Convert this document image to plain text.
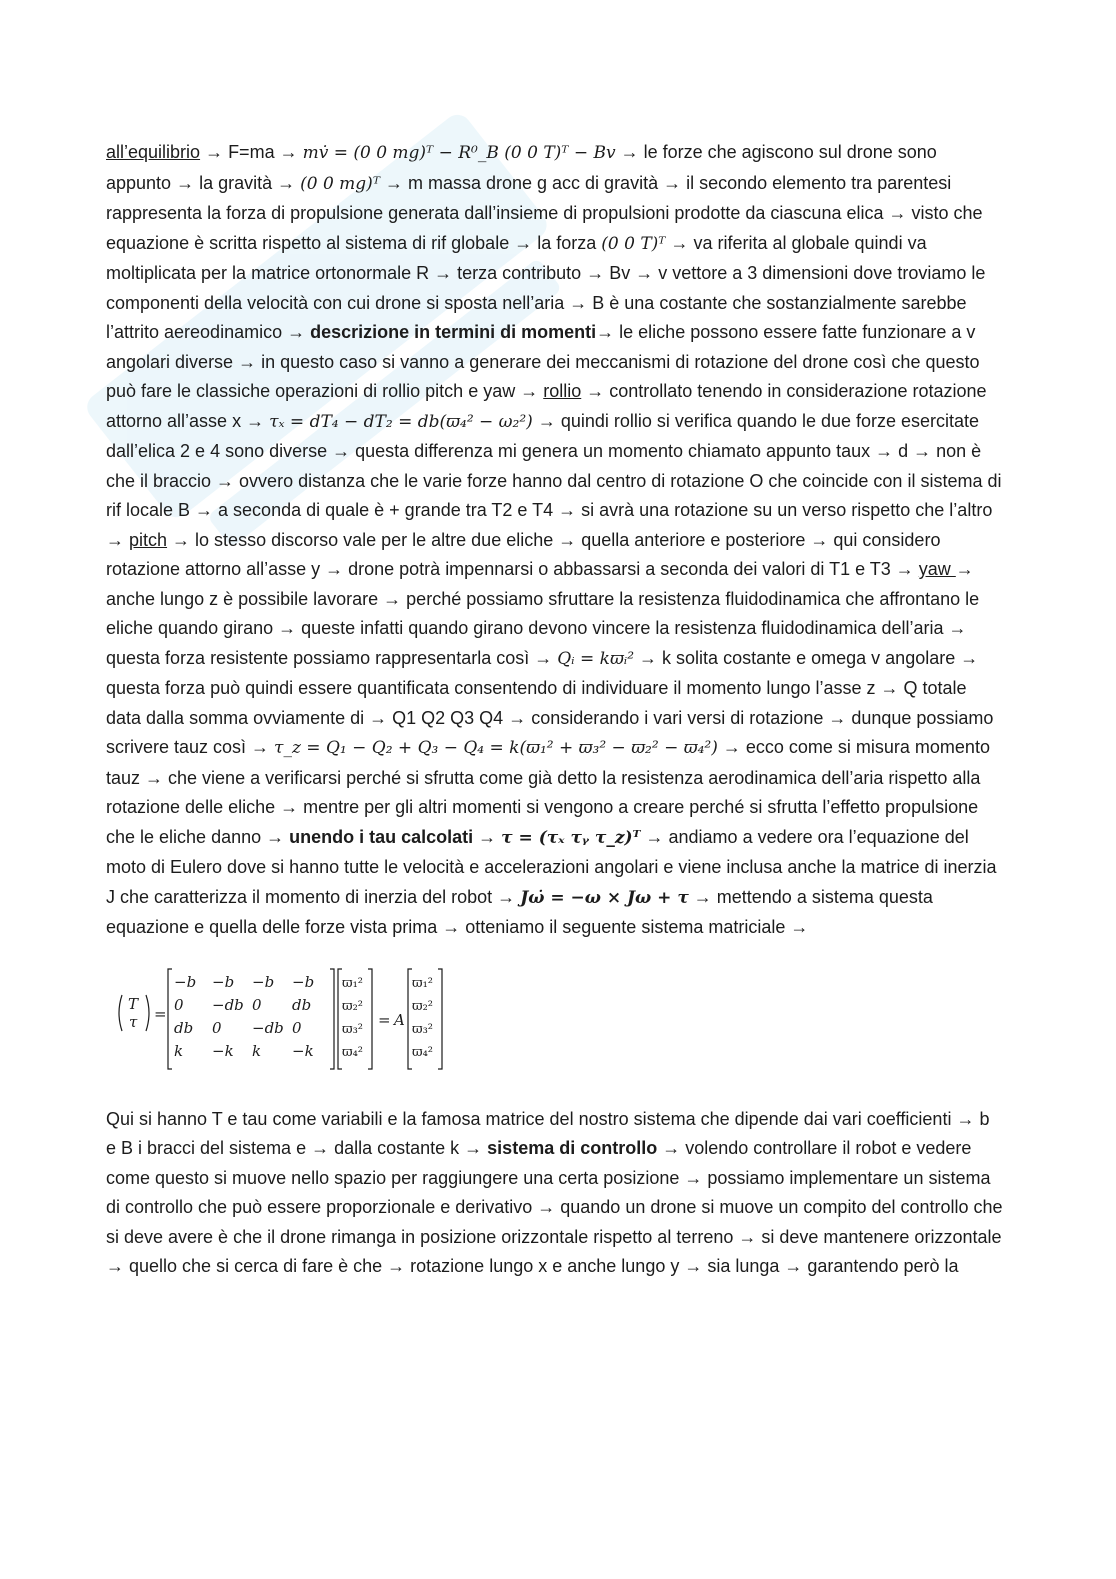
all’equilibrio → F=ma → mv̇ = (0 0 mg)ᵀ − R⁰_B (0 0 T)ᵀ − Bv → le forze che agiscono sul drone sono appunto → la gravità → (0 0 mg)ᵀ → m massa drone g acc di gravità → il secondo elemento tra parentesi rappresenta la forza di propulsione generata dall’insieme di propulsioni prodotte da ciascuna elica → visto che equazione è scritta rispetto al sistema di rif globale → la forza (0 0 T)ᵀ → va riferita al globale quindi va moltiplicata per la matrice ortonormale R → terza contributo → Bv → v vettore a 3 dimensioni dove troviamo le componenti della velocità con cui drone si sposta nell’aria → B è una costante che sostanzialmente sarebbe l’attrito aereodinamico → descrizione in termini di momenti→ le eliche possono essere fatte funzionare a v angolari diverse → in questo caso si vanno a generare dei meccanismi di rotazione del drone così che questo può fare le classiche operazioni di rollio pitch e yaw → rollio → controllato tenendo in considerazione rotazione attorno all’asse x → τₓ = dT₄ − dT₂ = db(ϖ₄² − ω₂²) → quindi rollio si verifica quando le due forze esercitate dall’elica 2 e 4 sono diverse → questa differenza mi genera un momento chiamato appunto taux → d → non è che il braccio → ovvero distanza che le varie forze hanno dal centro di rotazione O che coincide con il sistema di rif locale B → a seconda di quale è + grande tra T2 e T4 → si avrà una rotazione su un verso rispetto che l’altro → pitch → lo stesso discorso vale per le altre due eliche → quella anteriore e posteriore → qui considero rotazione attorno all’asse y → drone potrà impennarsi o abbassarsi a seconda dei valori di T1 e T3 → yaw → anche lungo z è possibile lavorare → perché possiamo sfruttare la resistenza fluidodinamica che affrontano le eliche quando girano → queste infatti quando girano devono vincere la resistenza fluidodinamica dell’aria → questa forza resistente possiamo rappresentarla così → Qᵢ = kϖᵢ² → k solita costante e omega v angolare → questa forza può quindi essere quantificata consentendo di individuare il momento lungo l’asse z → Q totale data dalla somma ovviamente di → Q1 Q2 Q3 Q4 → considerando i vari versi di rotazione → dunque possiamo scrivere tauz così → τ_z = Q₁ − Q₂ + Q₃ − Q₄ = k(ϖ₁² + ϖ₃² − ϖ₂² − ϖ₄²) → ecco come si misura momento tauz → che viene a verificarsi perché si sfrutta come già detto la resistenza aerodinamica dell’aria rispetto alla rotazione delle eliche → mentre per gli altri momenti si vengono a creare perché si sfrutta l’effetto propulsione che le eliche danno → unendo i tau calcolati → τ = (τₓ τᵧ τ_z)ᵀ → andiamo a vedere ora l’equazione del moto di Eulero dove si hanno tutte le velocità e accelerazioni angolari e viene inclusa anche la matrice di inerzia J che caratterizza il momento di inerzia del robot → Jω̇ = −ω × Jω + τ → mettendo a sistema questa equazione e quella delle forze vista prima → otteniamo il seguente sistema matriciale →

T
τ =
−b −b −b −b
0 −db 0 db
db 0 −db 0
k −k k −k
ϖ₁²
ϖ₂²
ϖ₃²
ϖ₄²
= A
ϖ₁²
ϖ₂²
ϖ₃²
ϖ₄²

Qui si hanno T e tau come variabili e la famosa matrice del nostro sistema che dipende dai vari coefficienti → b e B i bracci del sistema e → dalla costante k → sistema di controllo → volendo controllare il robot e vedere come questo si muove nello spazio per raggiungere una certa posizione → possiamo implementare un sistema di controllo che può essere proporzionale e derivativo → quando un drone si muove un compito del controllo che si deve avere è che il drone rimanga in posizione orizzontale rispetto al terreno → si deve mantenere orizzontale → quello che si cerca di fare è che → rotazione lungo x e anche lungo y → sia lunga → garantendo però la
